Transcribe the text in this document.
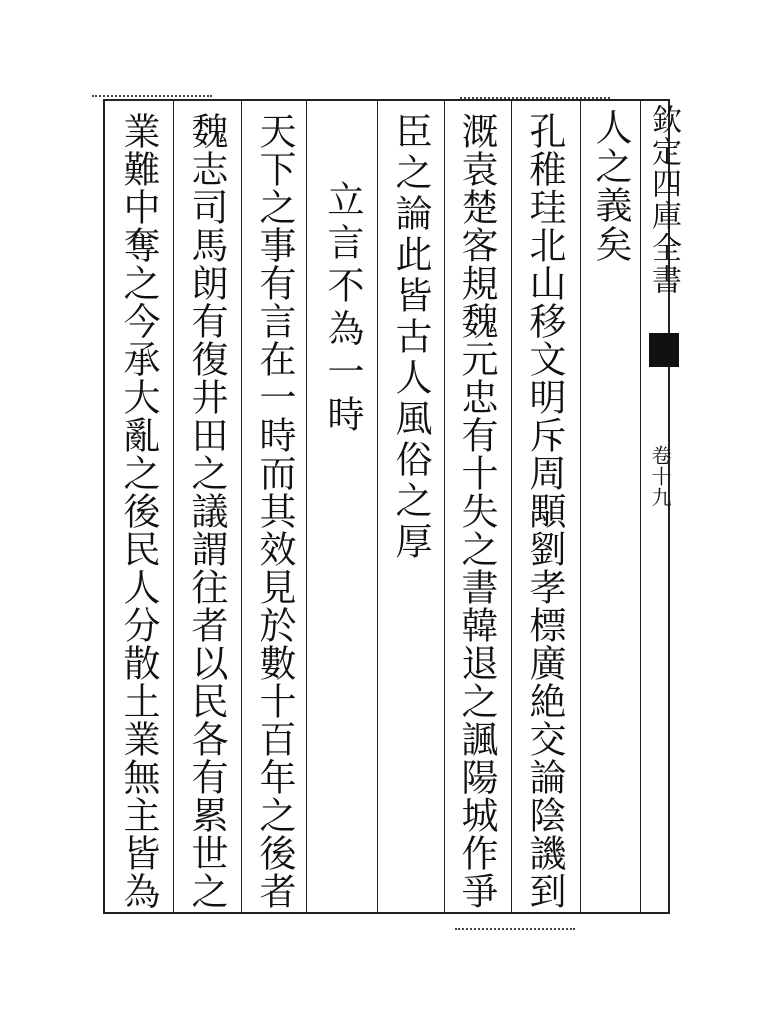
欽定四庫全書
卷十九
人之義矣
孔稚珪北山移文明斥周顒劉孝標廣絶交論陰譏到
溉袁楚客規魏元忠有十失之書韓退之諷陽城作爭
臣之論此皆古人風俗之厚
立言不為一時
天下之事有言在一時而其效見於數十百年之後者
魏志司馬朗有復井田之議謂往者以民各有累世之
業難中奪之今承大亂之後民人分散土業無主皆為
